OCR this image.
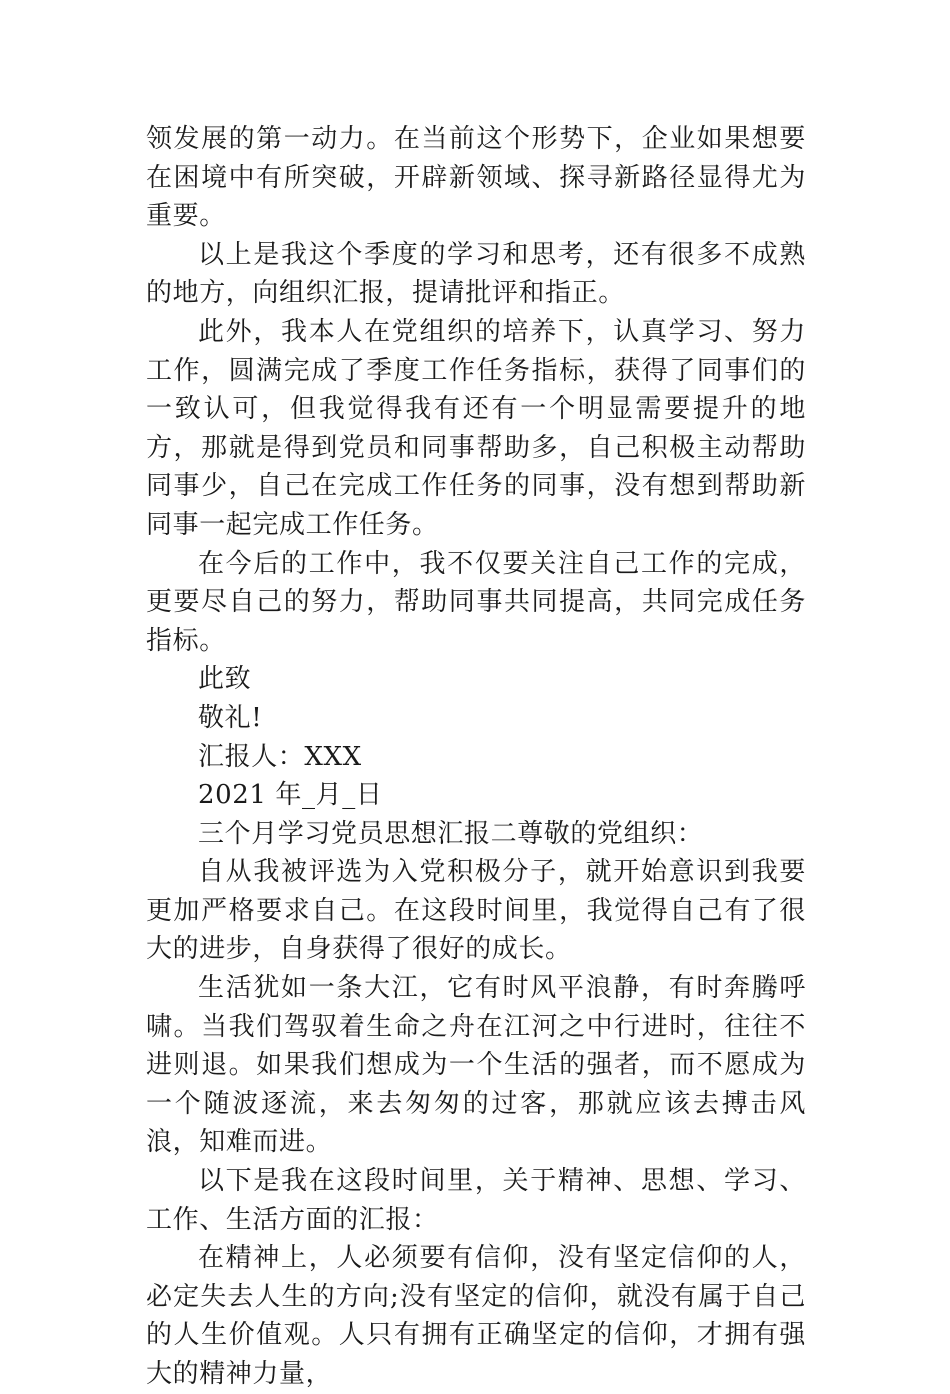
领发展的第一动力。在当前这个形势下，企业如果想要在困境中有所突破，开辟新领域、探寻新路径显得尤为重要。

以上是我这个季度的学习和思考，还有很多不成熟的地方，向组织汇报，提请批评和指正。

此外，我本人在党组织的培养下，认真学习、努力工作，圆满完成了季度工作任务指标，获得了同事们的一致认可，但我觉得我有还有一个明显需要提升的地方，那就是得到党员和同事帮助多，自己积极主动帮助同事少，自己在完成工作任务的同事，没有想到帮助新同事一起完成工作任务。

在今后的工作中，我不仅要关注自己工作的完成，更要尽自己的努力，帮助同事共同提高，共同完成任务指标。

此致

敬礼!

汇报人：XXX

2021 年_月_日

三个月学习党员思想汇报二尊敬的党组织：

自从我被评选为入党积极分子，就开始意识到我要更加严格要求自己。在这段时间里，我觉得自己有了很大的进步，自身获得了很好的成长。

生活犹如一条大江，它有时风平浪静，有时奔腾呼啸。当我们驾驭着生命之舟在江河之中行进时，往往不进则退。如果我们想成为一个生活的强者，而不愿成为一个随波逐流，来去匆匆的过客，那就应该去搏击风浪，知难而进。

以下是我在这段时间里，关于精神、思想、学习、工作、生活方面的汇报：

在精神上，人必须要有信仰，没有坚定信仰的人，必定失去人生的方向;没有坚定的信仰，就没有属于自己的人生价值观。人只有拥有正确坚定的信仰，才拥有强大的精神力量，
